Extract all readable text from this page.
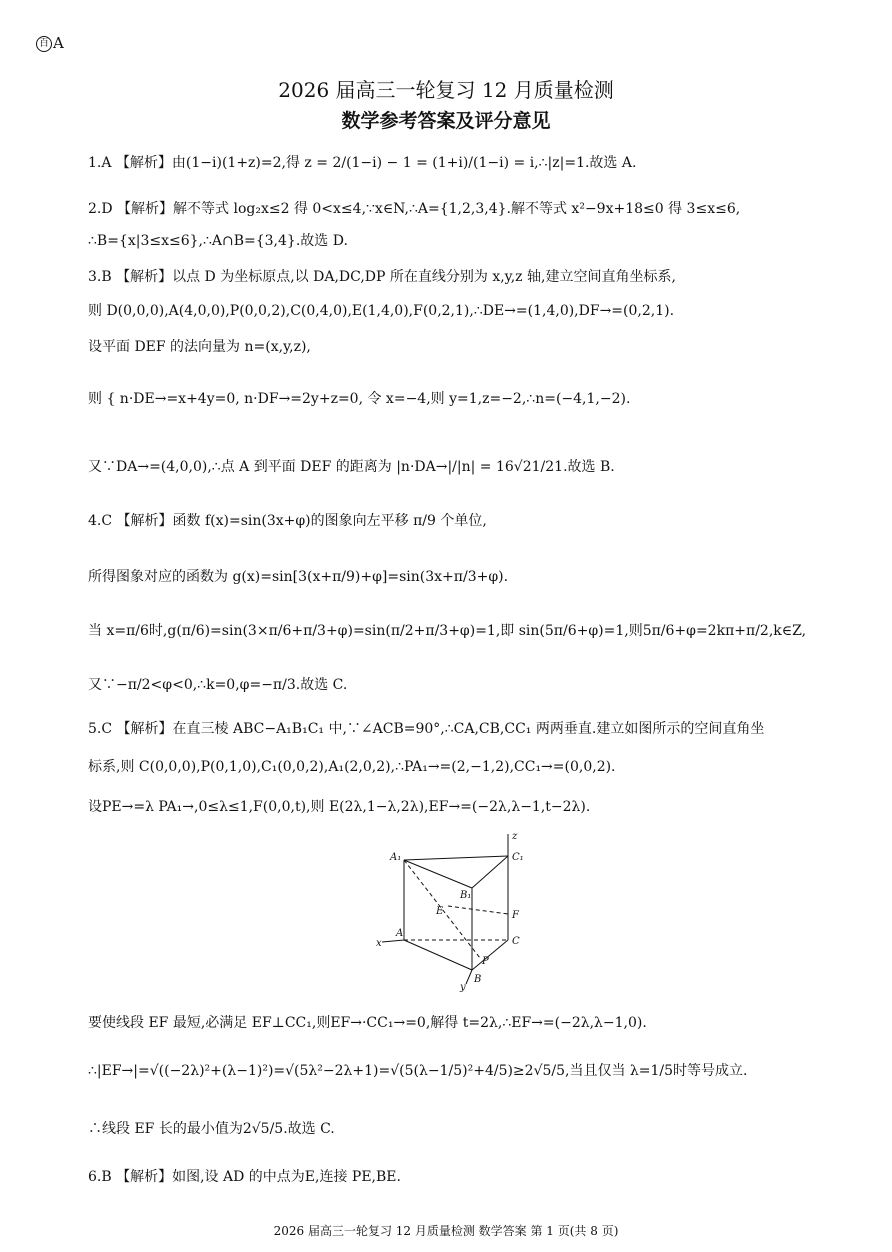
百 A
2026 届高三一轮复习 12 月质量检测
数学参考答案及评分意见
1.A 【解析】由(1−i)(1+z)=2,得 z = 2/(1−i) − 1 = (1+i)/(1−i) = i,∴|z|=1.故选 A.
2.D 【解析】解不等式 log₂x≤2 得 0<x≤4,∵x∈N,∴A={1,2,3,4}.解不等式 x²−9x+18≤0 得 3≤x≤6,
∴B={x|3≤x≤6},∴A∩B={3,4}.故选 D.
3.B 【解析】以点 D 为坐标原点,以 DA,DC,DP 所在直线分别为 x,y,z 轴,建立空间直角坐标系,
则 D(0,0,0),A(4,0,0),P(0,0,2),C(0,4,0),E(1,4,0),F(0,2,1),∴DE→=(1,4,0),DF→=(0,2,1).
设平面 DEF 的法向量为 n=(x,y,z),
则 { n·DE→=x+4y=0, n·DF→=2y+z=0, 令 x=−4,则 y=1,z=−2,∴n=(−4,1,−2).
又∵DA→=(4,0,0),∴点 A 到平面 DEF 的距离为 |n·DA→|/|n| = 16√21/21.故选 B.
4.C 【解析】函数 f(x)=sin(3x+φ)的图象向左平移 π/9 个单位,
所得图象对应的函数为 g(x)=sin[3(x+π/9)+φ]=sin(3x+π/3+φ).
当 x=π/6时,g(π/6)=sin(3×π/6+π/3+φ)=sin(π/2+π/3+φ)=1,即 sin(5π/6+φ)=1,则5π/6+φ=2kπ+π/2,k∈Z,
又∵−π/2<φ<0,∴k=0,φ=−π/3.故选 C.
5.C 【解析】在直三棱 ABC−A₁B₁C₁ 中,∵∠ACB=90°,∴CA,CB,CC₁ 两两垂直.建立如图所示的空间直角坐
标系,则 C(0,0,0),P(0,1,0),C₁(0,0,2),A₁(2,0,2),∴PA₁→=(2,−1,2),CC₁→=(0,0,2).
设PE→=λ PA₁→,0≤λ≤1,F(0,0,t),则 E(2λ,1−λ,2λ),EF→=(−2λ,λ−1,t−2λ).
A₁	C₁
B₁
E	F
A
C
P
B
x
y
z
要使线段 EF 最短,必满足 EF⊥CC₁,则EF→·CC₁→=0,解得 t=2λ,∴EF→=(−2λ,λ−1,0).
∴|EF→|=√((−2λ)²+(λ−1)²)=√(5λ²−2λ+1)=√(5(λ−1/5)²+4/5)≥2√5/5,当且仅当 λ=1/5时等号成立.
∴线段 EF 长的最小值为2√5/5.故选 C.
6.B 【解析】如图,设 AD 的中点为E,连接 PE,BE.
2026 届高三一轮复习 12 月质量检测 数学答案 第 1 页(共 8 页)
